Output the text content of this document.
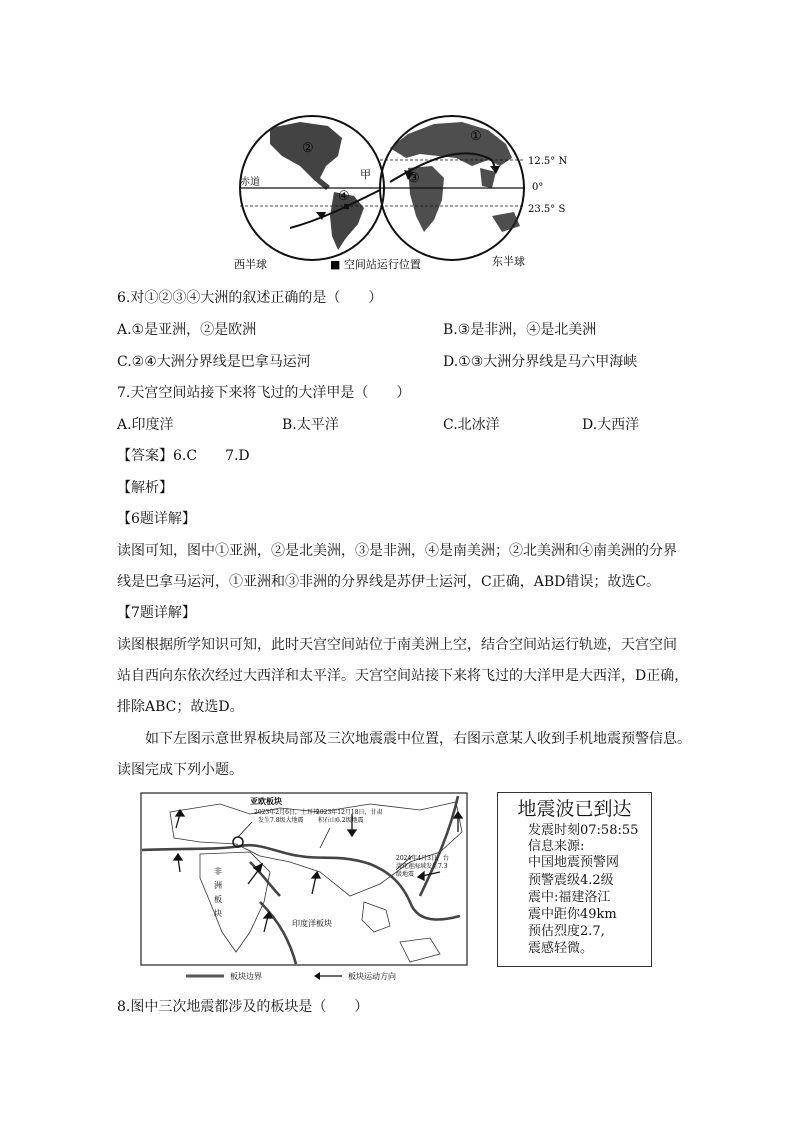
②
④
③
①
赤道
甲
12.5° N
0°
23.5° S
西半球	■ 空间站运行位置	东半球
6.对①②③④大洲的叙述正确的是（　　）
A.①是亚洲，②是欧洲	B.③是非洲，④是北美洲
C.②④大洲分界线是巴拿马运河	D.①③大洲分界线是马六甲海峡
7.天宫空间站接下来将飞过的大洋甲是（　　）
A.印度洋	B.太平洋	C.北冰洋	D.大西洋
【答案】6.C　　7.D
【解析】
【6题详解】
读图可知，图中①亚洲，②是北美洲，③是非洲，④是南美洲；②北美洲和④南美洲的分界
线是巴拿马运河，①亚洲和③非洲的分界线是苏伊士运河，C正确，ABD错误；故选C。
【7题详解】
读图根据所学知识可知，此时天宫空间站位于南美洲上空，结合空间站运行轨迹，天宫空间
站自西向东依次经过大西洋和太平洋。天宫空间站接下来将飞过的大洋甲是大西洋，D正确，
排除ABC；故选D。
如下左图示意世界板块局部及三次地震震中位置，右图示意某人收到手机地震预警信息。
读图完成下列小题。
亚欧板块
2023年2月6日，土耳其
发生7.8级大地震
2023年12月18日，甘肃
积石山6.2级地震
2024年4月3日，台
湾花莲海域发生7.3
级地震
非
洲
板
块
印度洋板块
板块边界	板块运动方向
地震波已到达
发震时刻07:58:55
信息来源:
中国地震预警网
预警震级4.2级
震中:福建洛江
震中距你49km
预估烈度2.7,
震感轻微。
8.图中三次地震都涉及的板块是（　　）
